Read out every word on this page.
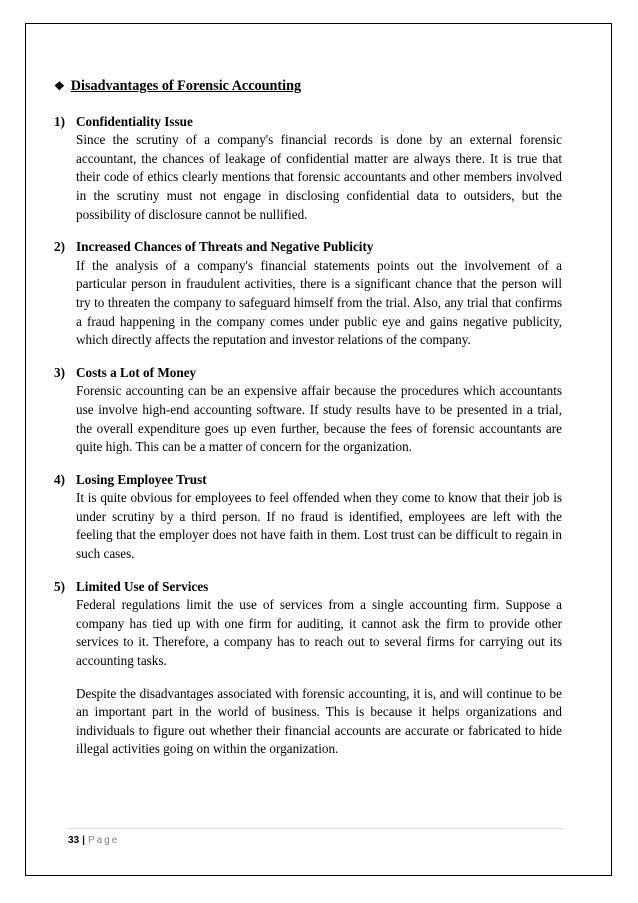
❖ Disadvantages of Forensic Accounting
1) Confidentiality Issue
Since the scrutiny of a company's financial records is done by an external forensic accountant, the chances of leakage of confidential matter are always there. It is true that their code of ethics clearly mentions that forensic accountants and other members involved in the scrutiny must not engage in disclosing confidential data to outsiders, but the possibility of disclosure cannot be nullified.
2) Increased Chances of Threats and Negative Publicity
If the analysis of a company's financial statements points out the involvement of a particular person in fraudulent activities, there is a significant chance that the person will try to threaten the company to safeguard himself from the trial. Also, any trial that confirms a fraud happening in the company comes under public eye and gains negative publicity, which directly affects the reputation and investor relations of the company.
3) Costs a Lot of Money
Forensic accounting can be an expensive affair because the procedures which accountants use involve high-end accounting software. If study results have to be presented in a trial, the overall expenditure goes up even further, because the fees of forensic accountants are quite high. This can be a matter of concern for the organization.
4) Losing Employee Trust
It is quite obvious for employees to feel offended when they come to know that their job is under scrutiny by a third person. If no fraud is identified, employees are left with the feeling that the employer does not have faith in them. Lost trust can be difficult to regain in such cases.
5) Limited Use of Services
Federal regulations limit the use of services from a single accounting firm. Suppose a company has tied up with one firm for auditing, it cannot ask the firm to provide other services to it. Therefore, a company has to reach out to several firms for carrying out its accounting tasks.
Despite the disadvantages associated with forensic accounting, it is, and will continue to be an important part in the world of business. This is because it helps organizations and individuals to figure out whether their financial accounts are accurate or fabricated to hide illegal activities going on within the organization.
33 | Page
